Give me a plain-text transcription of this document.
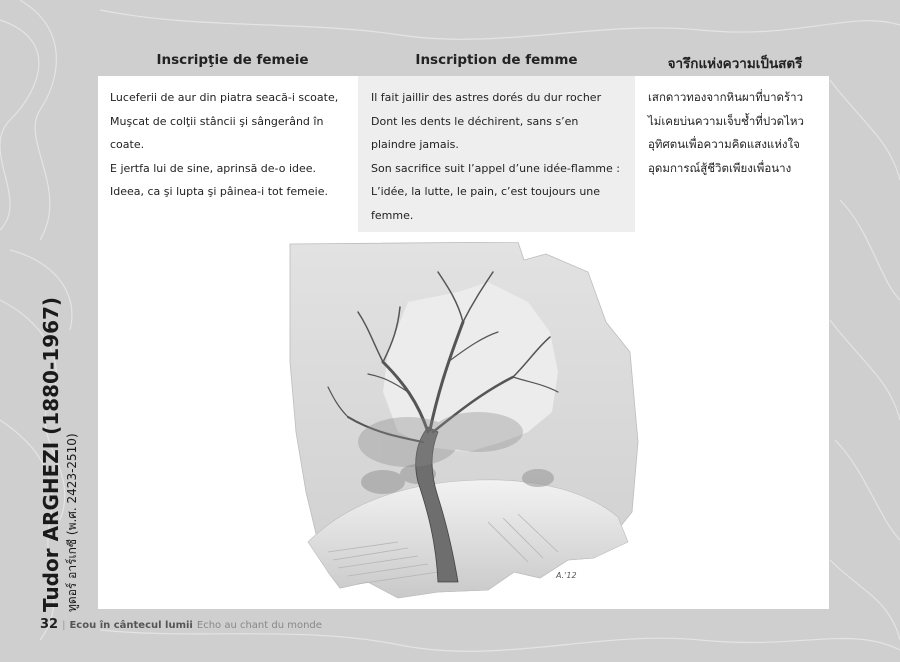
Inscripţie de femeie	Inscription de femme	จารึกแห่งความเป็นสตรี
Luceferii de aur din piatra seacă-i scoate,
Muşcat de colţii stâncii şi sângerând în
coate.
E jertfa lui de sine, aprinsă de-o idee.
Ideea, ca şi lupta şi pâinea-i tot femeie.
Il fait jaillir des astres dorés du dur rocher
Dont les dents le déchirent, sans s’en
plaindre jamais.
Son sacrifice suit l’appel d’une idée-flamme :
L’idée, la lutte, le pain, c’est toujours une
femme.
เสกดาวทองจากหินผาที่บาดร้าว
ไม่เคยบ่นความเจ็บช้ำที่ปวดไหว
อุทิศตนเพื่อความคิดแสงแห่งใจ
อุดมการณ์สู้ชีวิตเพียงเพื่อนาง
A.'12
Tudor ARGHEZI (1880-1967) ทูดอร์ อาร์เกซี (พ.ศ. 2423-2510)
32 | Ecou în cântecul lumii Echo au chant du monde
